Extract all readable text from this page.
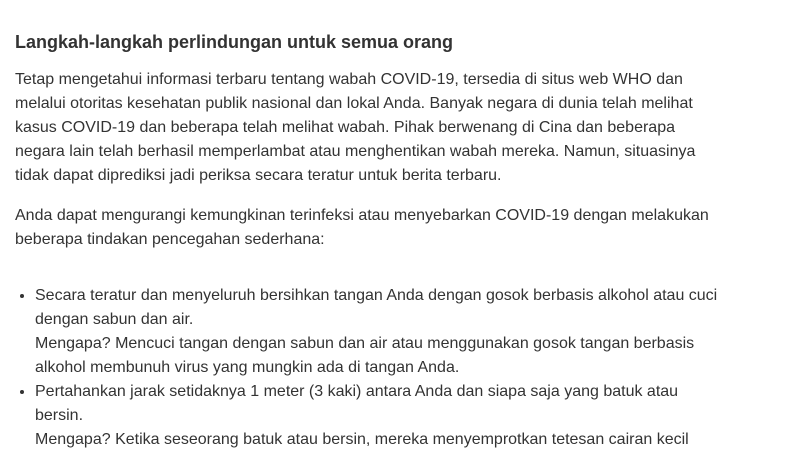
Langkah-langkah perlindungan untuk semua orang

Tetap mengetahui informasi terbaru tentang wabah COVID-19, tersedia di situs web WHO dan
melalui otoritas kesehatan publik nasional dan lokal Anda. Banyak negara di dunia telah melihat
kasus COVID-19 dan beberapa telah melihat wabah. Pihak berwenang di Cina dan beberapa
negara lain telah berhasil memperlambat atau menghentikan wabah mereka. Namun, situasinya
tidak dapat diprediksi jadi periksa secara teratur untuk berita terbaru.

Anda dapat mengurangi kemungkinan terinfeksi atau menyebarkan COVID-19 dengan melakukan
beberapa tindakan pencegahan sederhana:

• Secara teratur dan menyeluruh bersihkan tangan Anda dengan gosok berbasis alkohol atau cuci
dengan sabun dan air.
Mengapa? Mencuci tangan dengan sabun dan air atau menggunakan gosok tangan berbasis
alkohol membunuh virus yang mungkin ada di tangan Anda.
• Pertahankan jarak setidaknya 1 meter (3 kaki) antara Anda dan siapa saja yang batuk atau
bersin.
Mengapa? Ketika seseorang batuk atau bersin, mereka menyemprotkan tetesan cairan kecil
